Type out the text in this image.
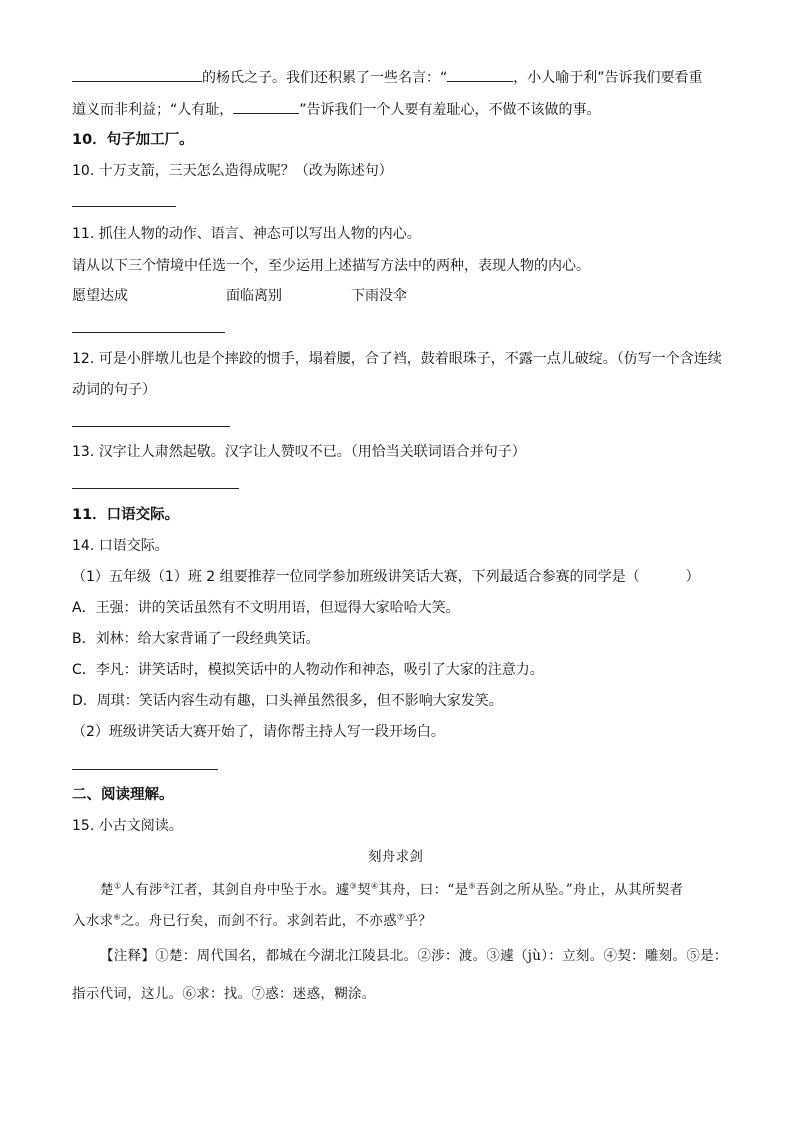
的杨氏之子。我们还积累了一些名言：“	，小人喻于利”告诉我们要看重
道义而非利益；“人有耻，	”告诉我们一个人要有羞耻心，不做不该做的事。
10．句子加工厂。
10. 十万支箭，三天怎么造得成呢？（改为陈述句）
11. 抓住人物的动作、语言、神态可以写出人物的内心。
请从以下三个情境中任选一个，至少运用上述描写方法中的两种，表现人物的内心。
愿望达成	面临离别	下雨没伞
12. 可是小胖墩儿也是个摔跤的惯手，塌着腰，合了裆，鼓着眼珠子，不露一点儿破绽。（仿写一个含连续
动词的句子）
13. 汉字让人肃然起敬。汉字让人赞叹不已。（用恰当关联词语合并句子）
11．口语交际。
14. 口语交际。
（1）五年级（1）班 2 组要推荐一位同学参加班级讲笑话大赛，下列最适合参赛的同学是（	）
A．王强：讲的笑话虽然有不文明用语，但逗得大家哈哈大笑。
B．刘林：给大家背诵了一段经典笑话。
C．李凡：讲笑话时，模拟笑话中的人物动作和神态，吸引了大家的注意力。
D．周琪：笑话内容生动有趣，口头禅虽然很多，但不影响大家发笑。
（2）班级讲笑话大赛开始了，请你帮主持人写一段开场白。
二、阅读理解。
15. 小古文阅读。
刻舟求剑
楚①人有涉②江者，其剑自舟中坠于水。遽③契④其舟，曰：“是⑤吾剑之所从坠。”舟止，从其所契者
入水求⑥之。舟已行矣，而剑不行。求剑若此，不亦惑⑦乎？
【注释】①楚：周代国名，都城在今湖北江陵县北。②涉：渡。③遽（jù）：立刻。④契：雕刻。⑤是：
指示代词，这儿。⑥求：找。⑦惑：迷惑，糊涂。
